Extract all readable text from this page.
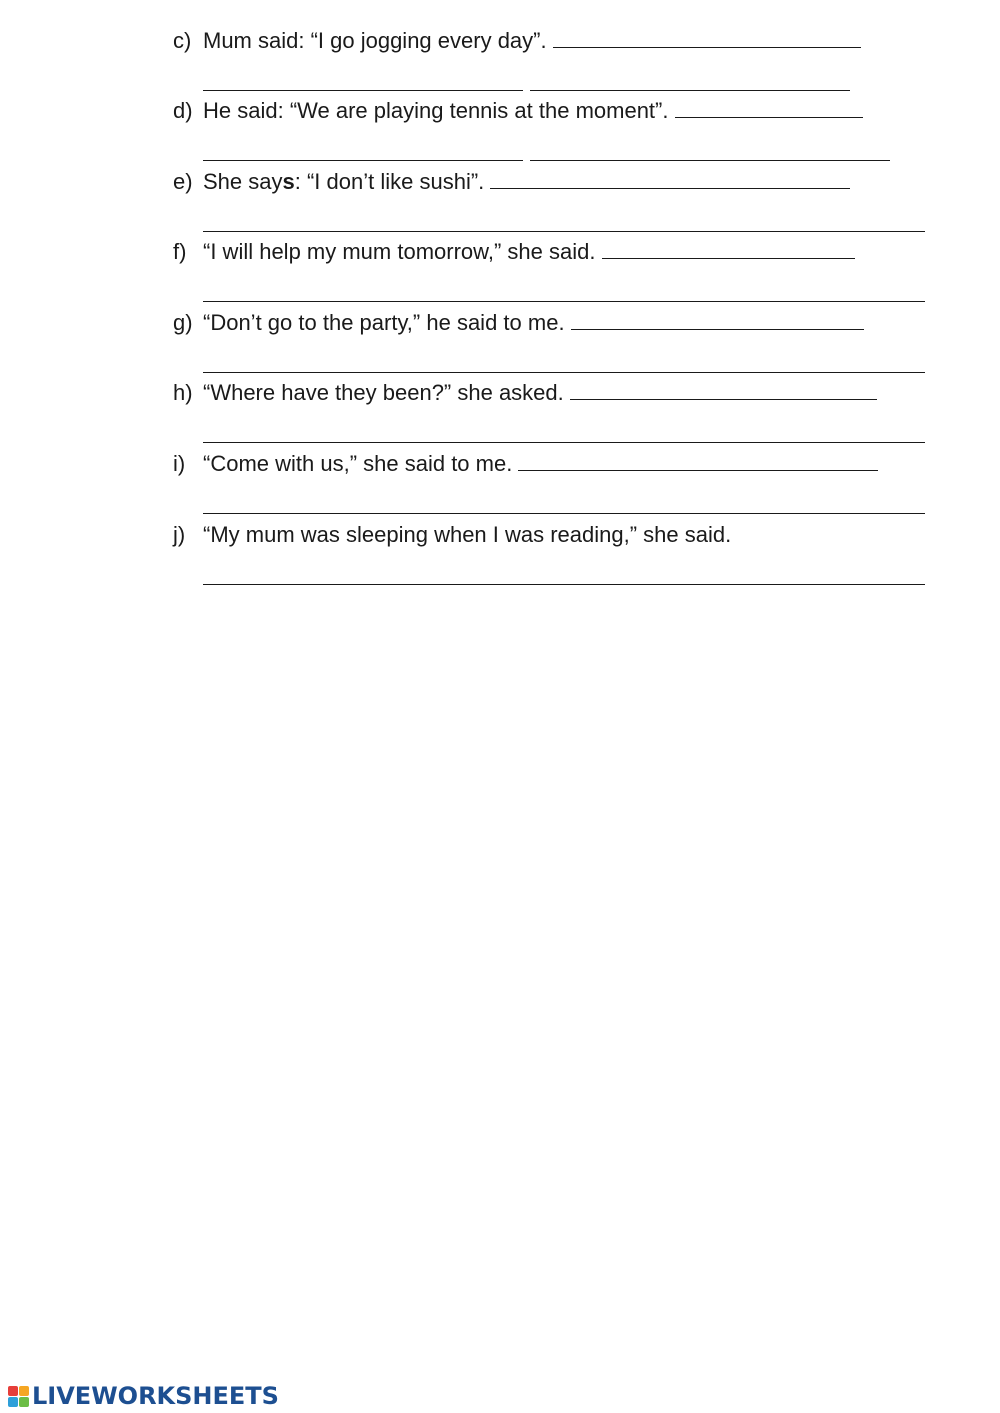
c) Mum said: “I go jogging every day”.
d) He said: “We are playing tennis at the moment”.
e) She says: “I don’t like sushi”.
f) “I will help my mum tomorrow,” she said.
g) “Don’t go to the party,” he said to me.
h) “Where have they been?” she asked.
i) “Come with us,” she said to me.
j) “My mum was sleeping when I was reading,” she said.
LIVEWORKSHEETS
